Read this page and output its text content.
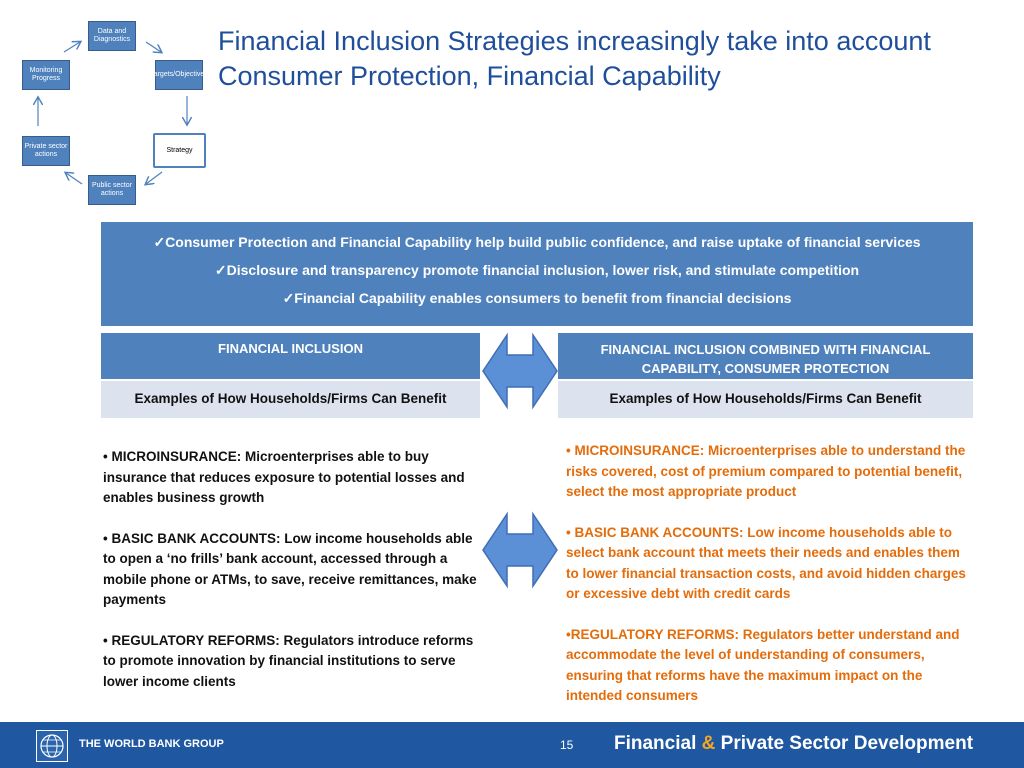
Data and Diagnostics
Targets/Objectives
Strategy
Public sector actions
Private sector actions
Monitoring Progress
Financial Inclusion Strategies increasingly take into account Consumer Protection, Financial Capability
✓Consumer Protection and Financial Capability help build public confidence, and raise uptake of financial services
✓Disclosure and transparency promote financial inclusion, lower risk, and stimulate competition
✓Financial Capability enables consumers to benefit from financial decisions
FINANCIAL INCLUSION
Examples of How Households/Firms Can Benefit
FINANCIAL INCLUSION COMBINED WITH FINANCIAL
CAPABILITY, CONSUMER PROTECTION
Examples of How Households/Firms Can Benefit

• MICROINSURANCE: Microenterprises able to buy insurance that reduces exposure to potential losses and enables business growth

• BASIC BANK ACCOUNTS: Low income households able to open a ‘no frills’ bank account, accessed through a mobile phone or ATMs, to save, receive remittances, make payments

• REGULATORY REFORMS: Regulators introduce reforms to promote innovation by financial institutions to serve lower income clients

• MICROINSURANCE: Microenterprises able to understand the risks covered, cost of premium compared to potential benefit, select the most appropriate product

• BASIC BANK ACCOUNTS: Low income households able to select bank account that meets their needs and enables them to lower financial transaction costs, and avoid hidden charges or excessive debt with credit cards

•REGULATORY REFORMS: Regulators better understand and accommodate the level of understanding of consumers, ensuring that reforms have the maximum impact on the intended consumers

THE WORLD BANK GROUP	15 Financial & Private Sector Development
